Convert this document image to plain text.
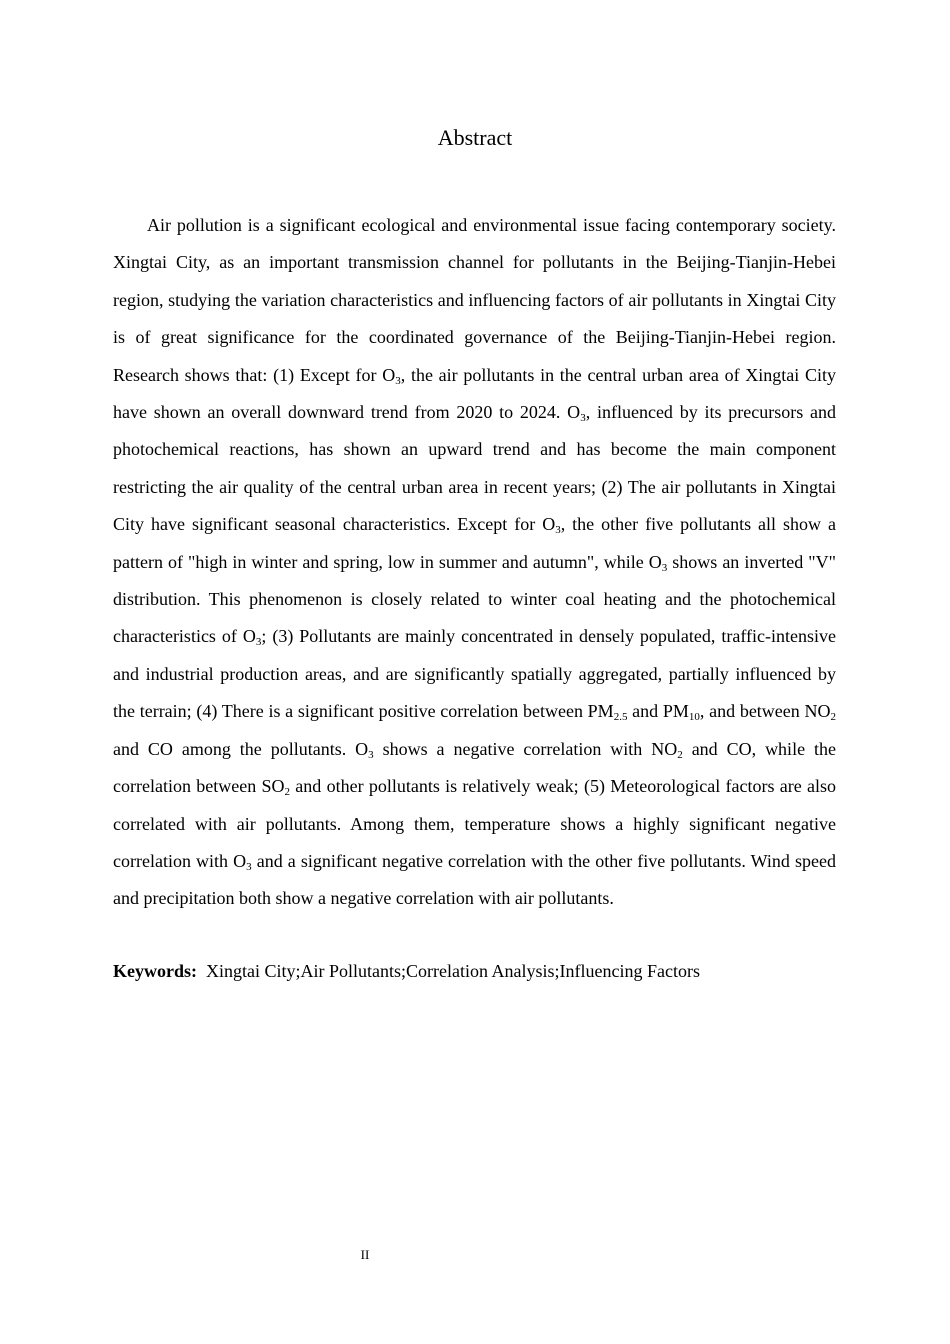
Abstract

Air pollution is a significant ecological and environmental issue facing contemporary society. Xingtai City, as an important transmission channel for pollutants in the Beijing-Tianjin-Hebei region, studying the variation characteristics and influencing factors of air pollutants in Xingtai City is of great significance for the coordinated governance of the Beijing-Tianjin-Hebei region. Research shows that: (1) Except for $O_3$, the air pollutants in the central urban area of Xingtai City have shown an overall downward trend from 2020 to 2024. $O_3$, influenced by its precursors and photochemical reactions, has shown an upward trend and has become the main component restricting the air quality of the central urban area in recent years; (2) The air pollutants in Xingtai City have significant seasonal characteristics. Except for $O_3$, the other five pollutants all show a pattern of "high in winter and spring, low in summer and autumn", while $O_3$ shows an inverted "V" distribution. This phenomenon is closely related to winter coal heating and the photochemical characteristics of $O_3$; (3) Pollutants are mainly concentrated in densely populated, traffic-intensive and industrial production areas, and are significantly spatially aggregated, partially influenced by the terrain; (4) There is a significant positive correlation between $PM_{2.5}$ and $PM_{10}$, and between $NO_2$ and CO among the pollutants. $O_3$ shows a negative correlation with $NO_2$ and CO, while the correlation between $SO_2$ and other pollutants is relatively weak; (5) Meteorological factors are also correlated with air pollutants. Among them, temperature shows a highly significant negative correlation with $O_3$ and a significant negative correlation with the other five pollutants. Wind speed and precipitation both show a negative correlation with air pollutants.

Keywords: Xingtai City;Air Pollutants;Correlation Analysis;Influencing Factors

II
